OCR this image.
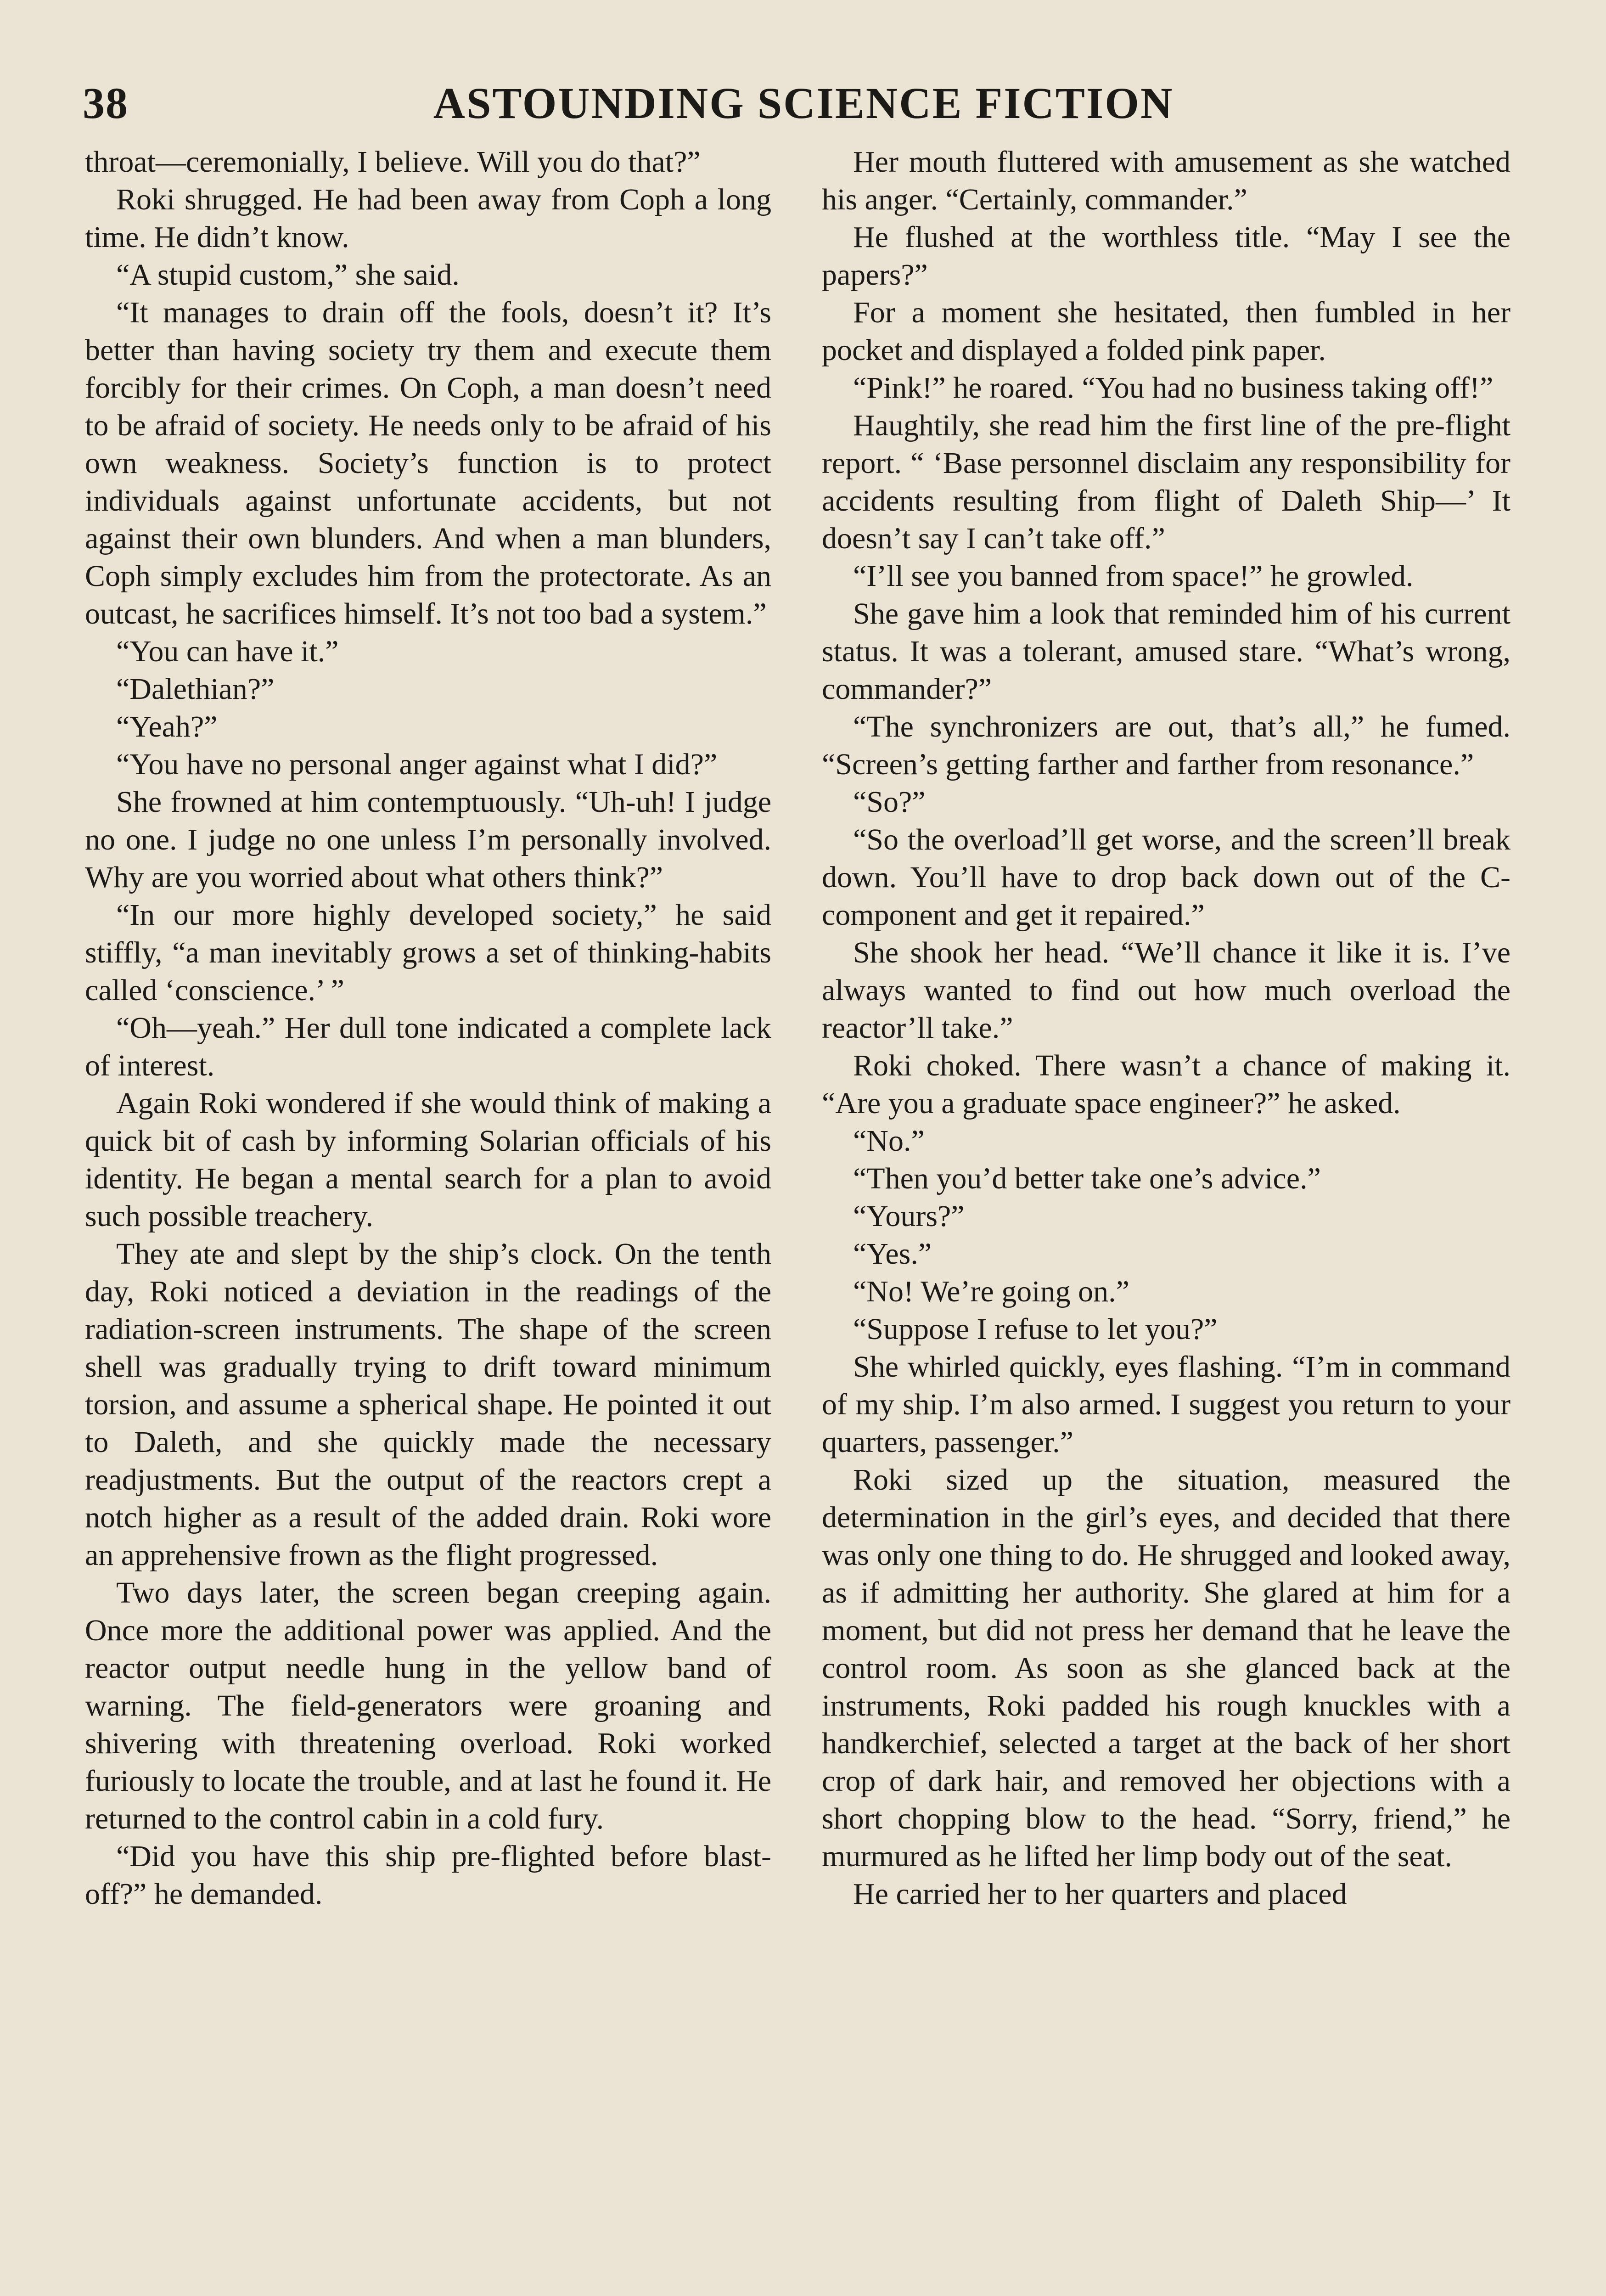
38	ASTOUNDING SCIENCE FICTION

throat—ceremonially, I believe. Will you do that?”

Roki shrugged. He had been away from Coph a long time. He didn’t know.

“A stupid custom,” she said.

“It manages to drain off the fools, doesn’t it? It’s better than having society try them and execute them forcibly for their crimes. On Coph, a man doesn’t need to be afraid of society. He needs only to be afraid of his own weakness. Society’s function is to protect individuals against unfortunate accidents, but not against their own blunders. And when a man blunders, Coph simply excludes him from the protectorate. As an outcast, he sacrifices himself. It’s not too bad a system.”

“You can have it.”

“Dalethian?”

“Yeah?”

“You have no personal anger against what I did?”

She frowned at him contemptuously. “Uh-uh! I judge no one. I judge no one unless I’m personally involved. Why are you worried about what others think?”

“In our more highly developed society,” he said stiffly, “a man inevitably grows a set of thinking-habits called ‘conscience.’ ”

“Oh—yeah.” Her dull tone indicated a complete lack of interest.

Again Roki wondered if she would think of making a quick bit of cash by informing Solarian officials of his identity. He began a mental search for a plan to avoid such possible treachery.

They ate and slept by the ship’s clock. On the tenth day, Roki noticed a deviation in the readings of the radiation-screen instruments. The shape of the screen shell was gradually trying to drift toward minimum torsion, and assume a spherical shape. He pointed it out to Daleth, and she quickly made the necessary readjustments. But the output of the reactors crept a notch higher as a result of the added drain. Roki wore an apprehensive frown as the flight progressed.

Two days later, the screen began creeping again. Once more the additional power was applied. And the reactor output needle hung in the yellow band of warning. The field-generators were groaning and shivering with threatening overload. Roki worked furiously to locate the trouble, and at last he found it. He returned to the control cabin in a cold fury.

“Did you have this ship pre-flighted before blast-off?” he demanded.

Her mouth fluttered with amusement as she watched his anger. “Certainly, commander.”

He flushed at the worthless title. “May I see the papers?”

For a moment she hesitated, then fumbled in her pocket and displayed a folded pink paper.

“Pink!” he roared. “You had no business taking off!”

Haughtily, she read him the first line of the pre-flight report. “ ‘Base personnel disclaim any responsibility for accidents resulting from flight of Daleth Ship—’ It doesn’t say I can’t take off.”

“I’ll see you banned from space!” he growled.

She gave him a look that reminded him of his current status. It was a tolerant, amused stare. “What’s wrong, commander?”

“The synchronizers are out, that’s all,” he fumed. “Screen’s getting farther and farther from resonance.”

“So?”

“So the overload’ll get worse, and the screen’ll break down. You’ll have to drop back down out of the C-component and get it repaired.”

She shook her head. “We’ll chance it like it is. I’ve always wanted to find out how much overload the reactor’ll take.”

Roki choked. There wasn’t a chance of making it. “Are you a graduate space engineer?” he asked.

“No.”

“Then you’d better take one’s advice.”

“Yours?”

“Yes.”

“No! We’re going on.”

“Suppose I refuse to let you?”

She whirled quickly, eyes flashing. “I’m in command of my ship. I’m also armed. I suggest you return to your quarters, passenger.”

Roki sized up the situation, measured the determination in the girl’s eyes, and decided that there was only one thing to do. He shrugged and looked away, as if admitting her authority. She glared at him for a moment, but did not press her demand that he leave the control room. As soon as she glanced back at the instruments, Roki padded his rough knuckles with a handkerchief, selected a target at the back of her short crop of dark hair, and removed her objections with a short chopping blow to the head. “Sorry, friend,” he murmured as he lifted her limp body out of the seat.

He carried her to her quarters and placed
